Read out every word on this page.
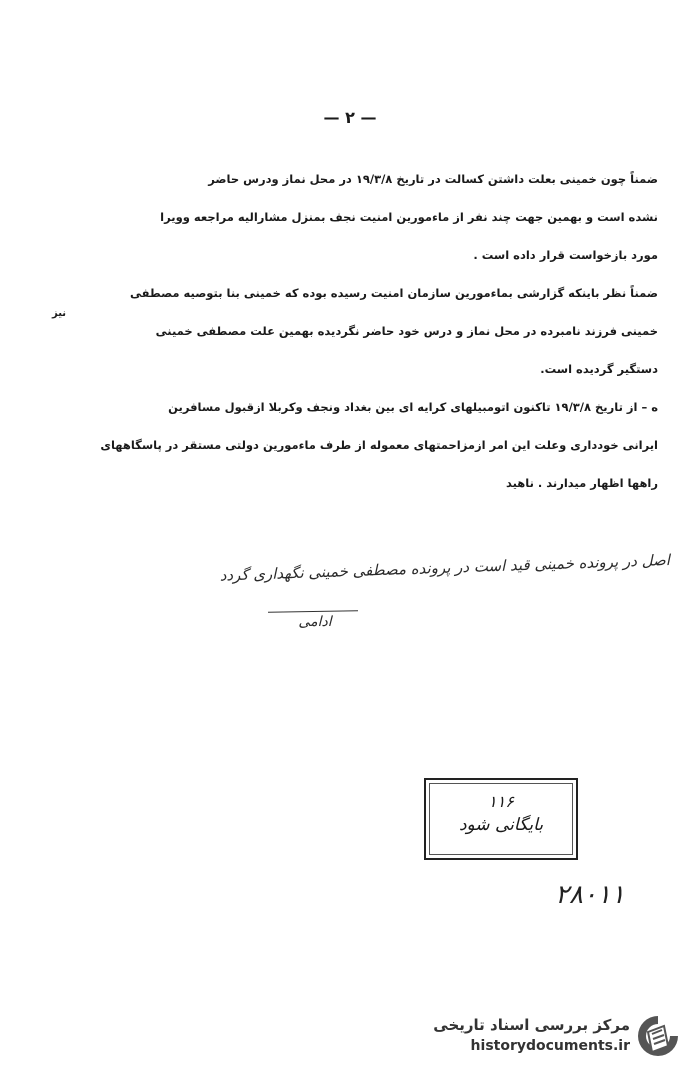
— ۲ —
ضمناً چون خمینی بعلت داشتن کسالت در تاریخ ۱۹/۳/۸ در محل نماز ودرس حاضر
نشده است و بهمین جهت چند نفر از ماءمورین امنیت نجف بمنزل مشارالیه مراجعه وویرا
مورد بازخواست قرار داده است .
ضمناً نظر باینکه گزارشی بماءمورین سازمان امنیت رسیده بوده که خمینی بنا بتوصیه مصطفی
خمینی فرزند نامبرده در محل نماز و درس خود حاضر نگردیده بهمین علت مصطفی خمینی
دستگیر گردیده است.
ه – از تاریخ ۱۹/۳/۸ تاکنون اتومبیلهای کرایه ای بین بغداد ونجف وکربلا ازقبول مسافرین
ایرانی خودداری وعلت این امر ازمزاحمتهای معموله از طرف ماءمورین دولتی مستقر در پاسگاههای
راهها اظهار میدارند . ناهید
نیز
اصل در پرونده خمینی قید است در پرونده مصطفی خمینی نگهداری گردد
ادامی
۱۱۶
بایگانی شود
۲۸۰۱۱
مرکز بررسی اسناد تاریخی
historydocuments.ir
